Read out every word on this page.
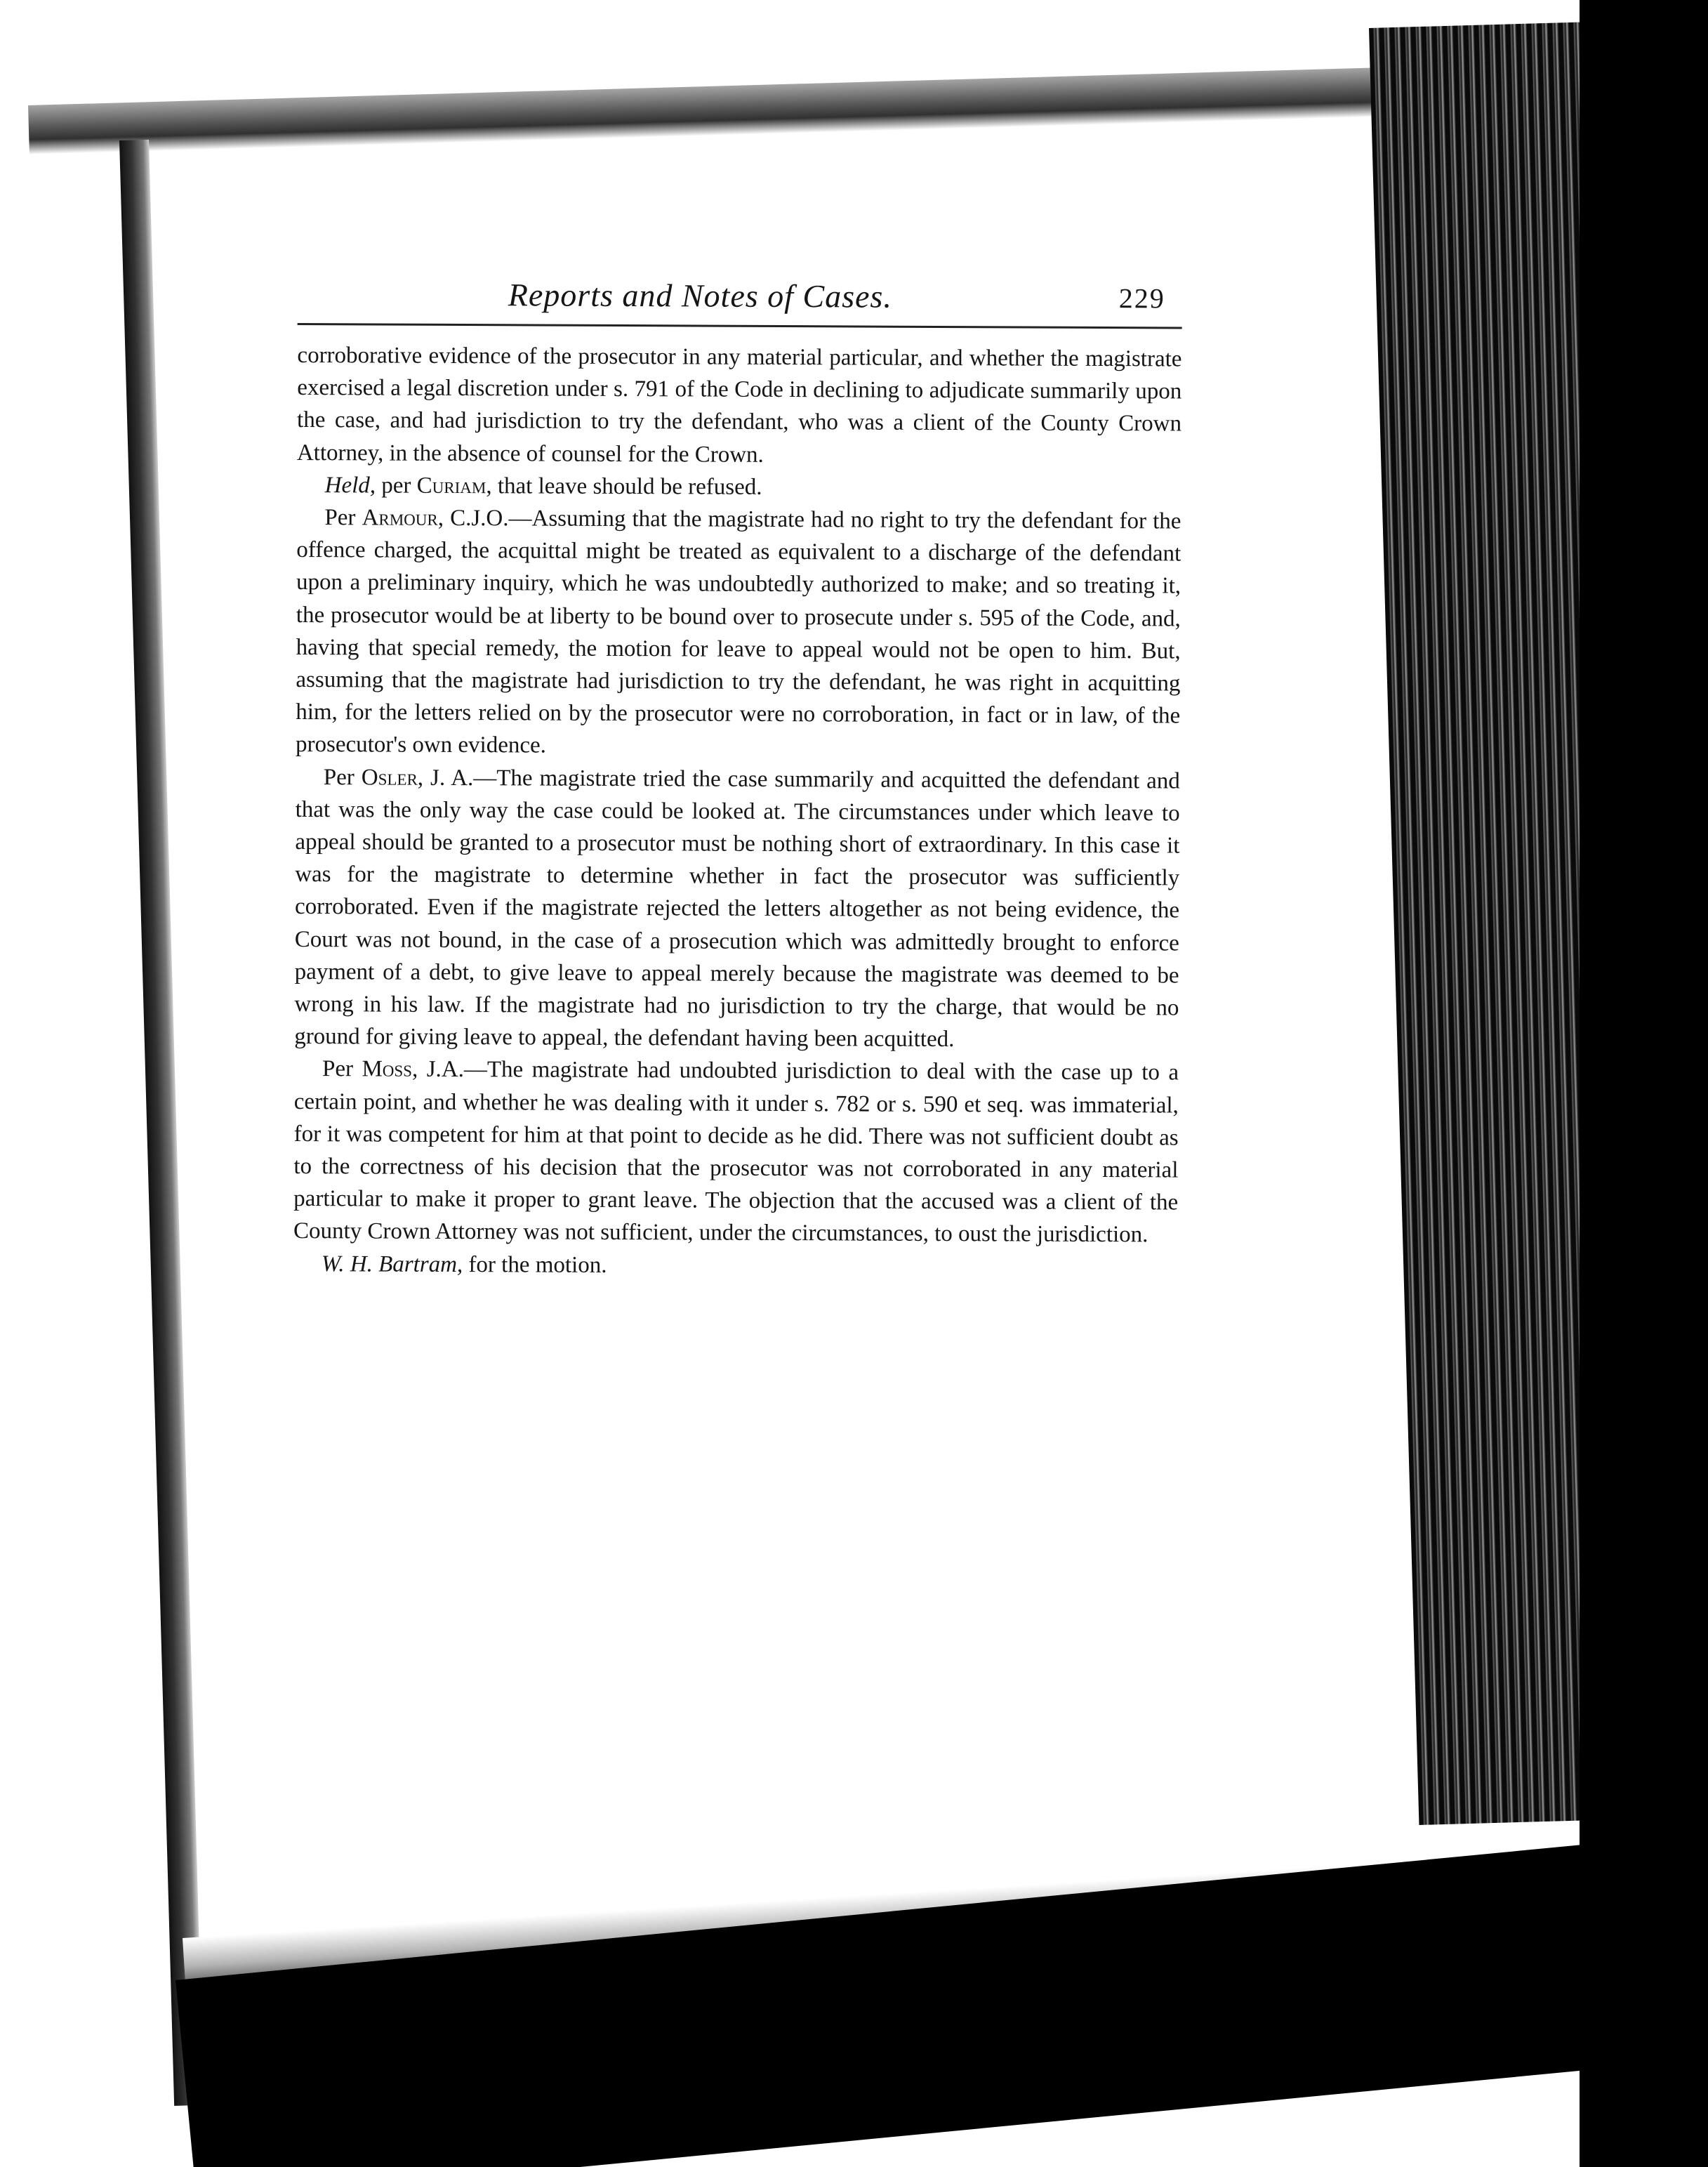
Reports and Notes of Cases.	229

corroborative evidence of the prosecutor in any material particular, and whether the magistrate exercised a legal discretion under s. 791 of the Code in declining to adjudicate summarily upon the case, and had jurisdiction to try the defendant, who was a client of the County Crown Attorney, in the absence of counsel for the Crown.

Held, per Curiam, that leave should be refused.

Per Armour, C.J.O.—Assuming that the magistrate had no right to try the defendant for the offence charged, the acquittal might be treated as equivalent to a discharge of the defendant upon a preliminary inquiry, which he was undoubtedly authorized to make; and so treating it, the prosecutor would be at liberty to be bound over to prosecute under s. 595 of the Code, and, having that special remedy, the motion for leave to appeal would not be open to him. But, assuming that the magistrate had jurisdiction to try the defendant, he was right in acquitting him, for the letters relied on by the prosecutor were no corroboration, in fact or in law, of the prosecutor's own evidence.

Per Osler, J. A.—The magistrate tried the case summarily and acquitted the defendant and that was the only way the case could be looked at. The circumstances under which leave to appeal should be granted to a prosecutor must be nothing short of extraordinary. In this case it was for the magistrate to determine whether in fact the prosecutor was sufficiently corroborated. Even if the magistrate rejected the letters altogether as not being evidence, the Court was not bound, in the case of a prosecution which was admittedly brought to enforce payment of a debt, to give leave to appeal merely because the magistrate was deemed to be wrong in his law. If the magistrate had no jurisdiction to try the charge, that would be no ground for giving leave to appeal, the defendant having been acquitted.

Per Moss, J.A.—The magistrate had undoubted jurisdiction to deal with the case up to a certain point, and whether he was dealing with it under s. 782 or s. 590 et seq. was immaterial, for it was competent for him at that point to decide as he did. There was not sufficient doubt as to the correctness of his decision that the prosecutor was not corroborated in any material particular to make it proper to grant leave. The objection that the accused was a client of the County Crown Attorney was not sufficient, under the circumstances, to oust the jurisdiction.

W. H. Bartram, for the motion.
